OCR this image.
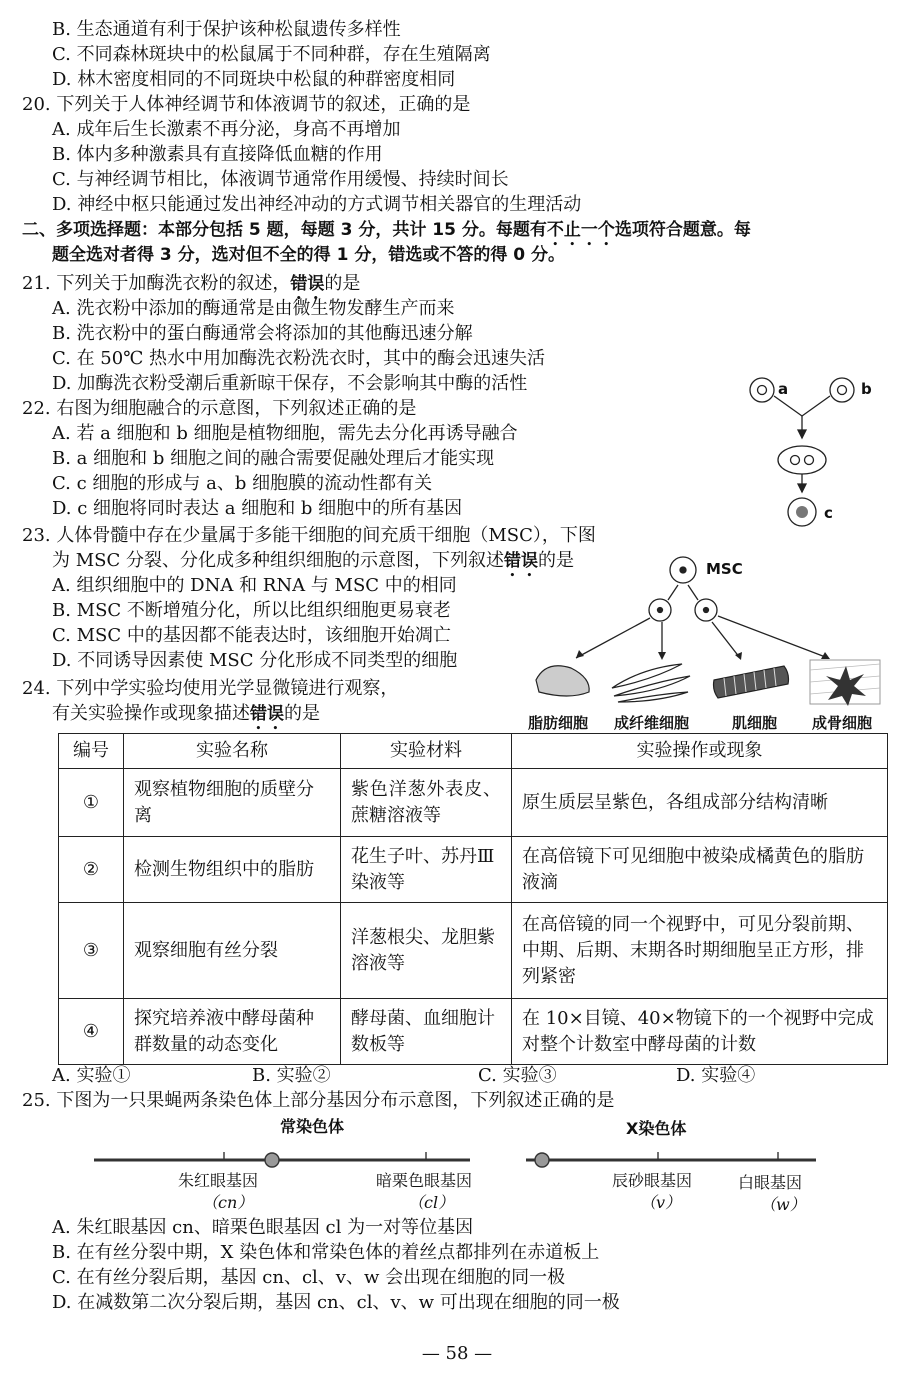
B. 生态通道有利于保护该种松鼠遗传多样性
C. 不同森林斑块中的松鼠属于不同种群，存在生殖隔离
D. 林木密度相同的不同斑块中松鼠的种群密度相同
20. 下列关于人体神经调节和体液调节的叙述，正确的是
A. 成年后生长激素不再分泌，身高不再增加
B. 体内多种激素具有直接降低血糖的作用
C. 与神经调节相比，体液调节通常作用缓慢、持续时间长
D. 神经中枢只能通过发出神经冲动的方式调节相关器官的生理活动
二、多项选择题：本部分包括 5 题，每题 3 分，共计 15 分。每题有不止一个选项符合题意。每
题全选对者得 3 分，选对但不全的得 1 分，错选或不答的得 0 分。
21. 下列关于加酶洗衣粉的叙述，错误的是
A. 洗衣粉中添加的酶通常是由微生物发酵生产而来
B. 洗衣粉中的蛋白酶通常会将添加的其他酶迅速分解
C. 在 50℃ 热水中用加酶洗衣粉洗衣时，其中的酶会迅速失活
D. 加酶洗衣粉受潮后重新晾干保存，不会影响其中酶的活性
22. 右图为细胞融合的示意图，下列叙述正确的是
A. 若 a 细胞和 b 细胞是植物细胞，需先去分化再诱导融合
B. a 细胞和 b 细胞之间的融合需要促融处理后才能实现
C. c 细胞的形成与 a、b 细胞膜的流动性都有关
D. c 细胞将同时表达 a 细胞和 b 细胞中的所有基因
a	b
c
23. 人体骨髓中存在少量属于多能干细胞的间充质干细胞（MSC），下图
为 MSC 分裂、分化成多种组织细胞的示意图，下列叙述错误的是
A. 组织细胞中的 DNA 和 RNA 与 MSC 中的相同
B. MSC 不断增殖分化，所以比组织细胞更易衰老
C. MSC 中的基因都不能表达时，该细胞开始凋亡
D. 不同诱导因素使 MSC 分化形成不同类型的细胞
MSC
脂肪细胞 成纤维细胞	肌细胞 成骨细胞
24. 下列中学实验均使用光学显微镜进行观察，
有关实验操作或现象描述错误的是
编号	实验名称	实验材料	实验操作或现象
①	观察植物细胞的质壁分离	紫色洋葱外表皮、蔗糖溶液等	原生质层呈紫色，各组成部分结构清晰
②	检测生物组织中的脂肪	花生子叶、苏丹Ⅲ染液等	在高倍镜下可见细胞中被染成橘黄色的脂肪液滴
③	观察细胞有丝分裂	洋葱根尖、龙胆紫溶液等	在高倍镜的同一个视野中，可见分裂前期、中期、后期、末期各时期细胞呈正方形，排列紧密
④	探究培养液中酵母菌种群数量的动态变化	酵母菌、血细胞计数板等	在 10×目镜、40×物镜下的一个视野中完成对整个计数室中酵母菌的计数
A. 实验①	B. 实验②	C. 实验③	D. 实验④
25. 下图为一只果蝇两条染色体上部分基因分布示意图，下列叙述正确的是
常染色体	X染色体
朱红眼基因
（cn）
暗栗色眼基因
（cl）
辰砂眼基因
（v）
白眼基因
（w）
A. 朱红眼基因 cn、暗栗色眼基因 cl 为一对等位基因
B. 在有丝分裂中期，X 染色体和常染色体的着丝点都排列在赤道板上
C. 在有丝分裂后期，基因 cn、cl、v、w 会出现在细胞的同一极
D. 在减数第二次分裂后期，基因 cn、cl、v、w 可出现在细胞的同一极
— 58 —
